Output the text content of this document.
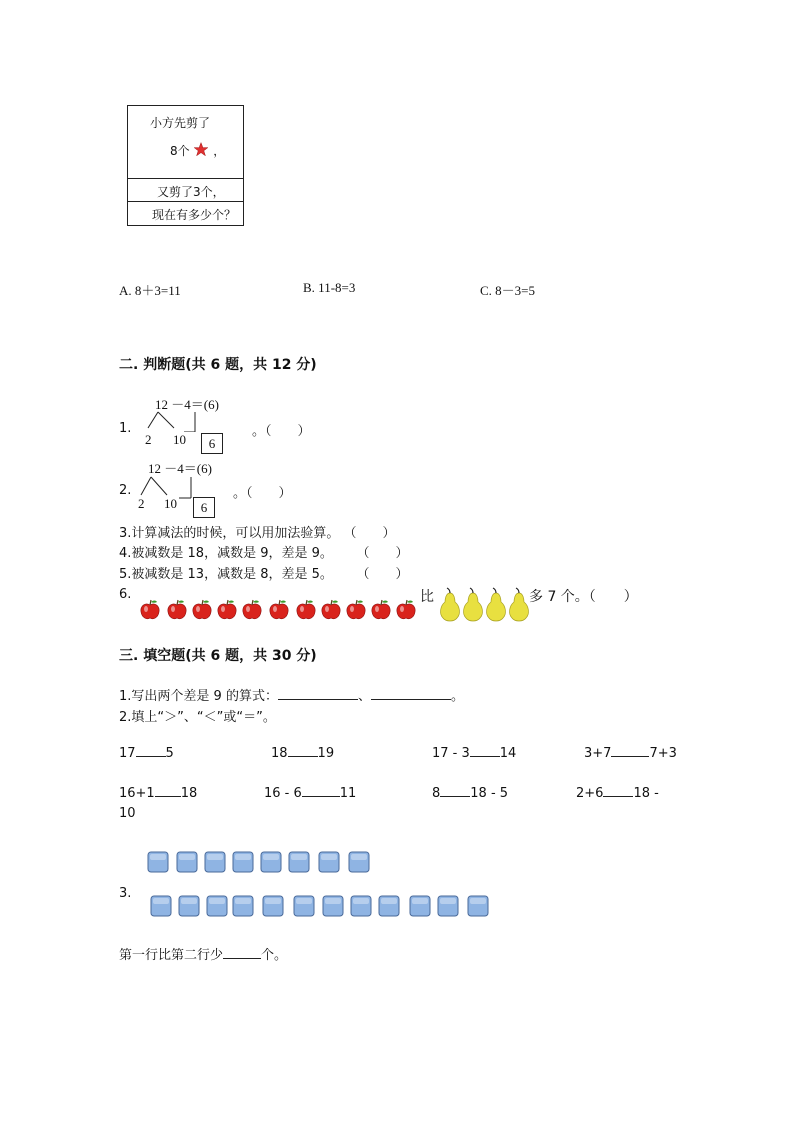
小方先剪了
8个 ，
又剪了3个，
现在有多少个？
A. 8＋3=11	B. 11-8=3	C. 8－3=5
二. 判断题(共 6 题，共 12 分)
1.
12 －4＝(6)
2 10	6
。（　　）
2.
12 －4＝(6)
2 10	6
。（　　）
3.计算减法的时候，可以用加法验算。 （　　）
4.被减数是 18，减数是 9，差是 9。　　 （　　）
5.被减数是 13，减数是 8，差是 5。　　 （　　）
6.	比	多 7 个。（　　）
三. 填空题(共 6 题，共 30 分)
1.写出两个差是 9 的算式：	、	。
2.填上“＞”、“＜”或“＝”。
17 5	18 19	17 - 3 14	3+7	7+3
16+1 18	16 - 6	11	8 18 - 5	2+6 18 -
10
3.
第一行比第二行少	个。
